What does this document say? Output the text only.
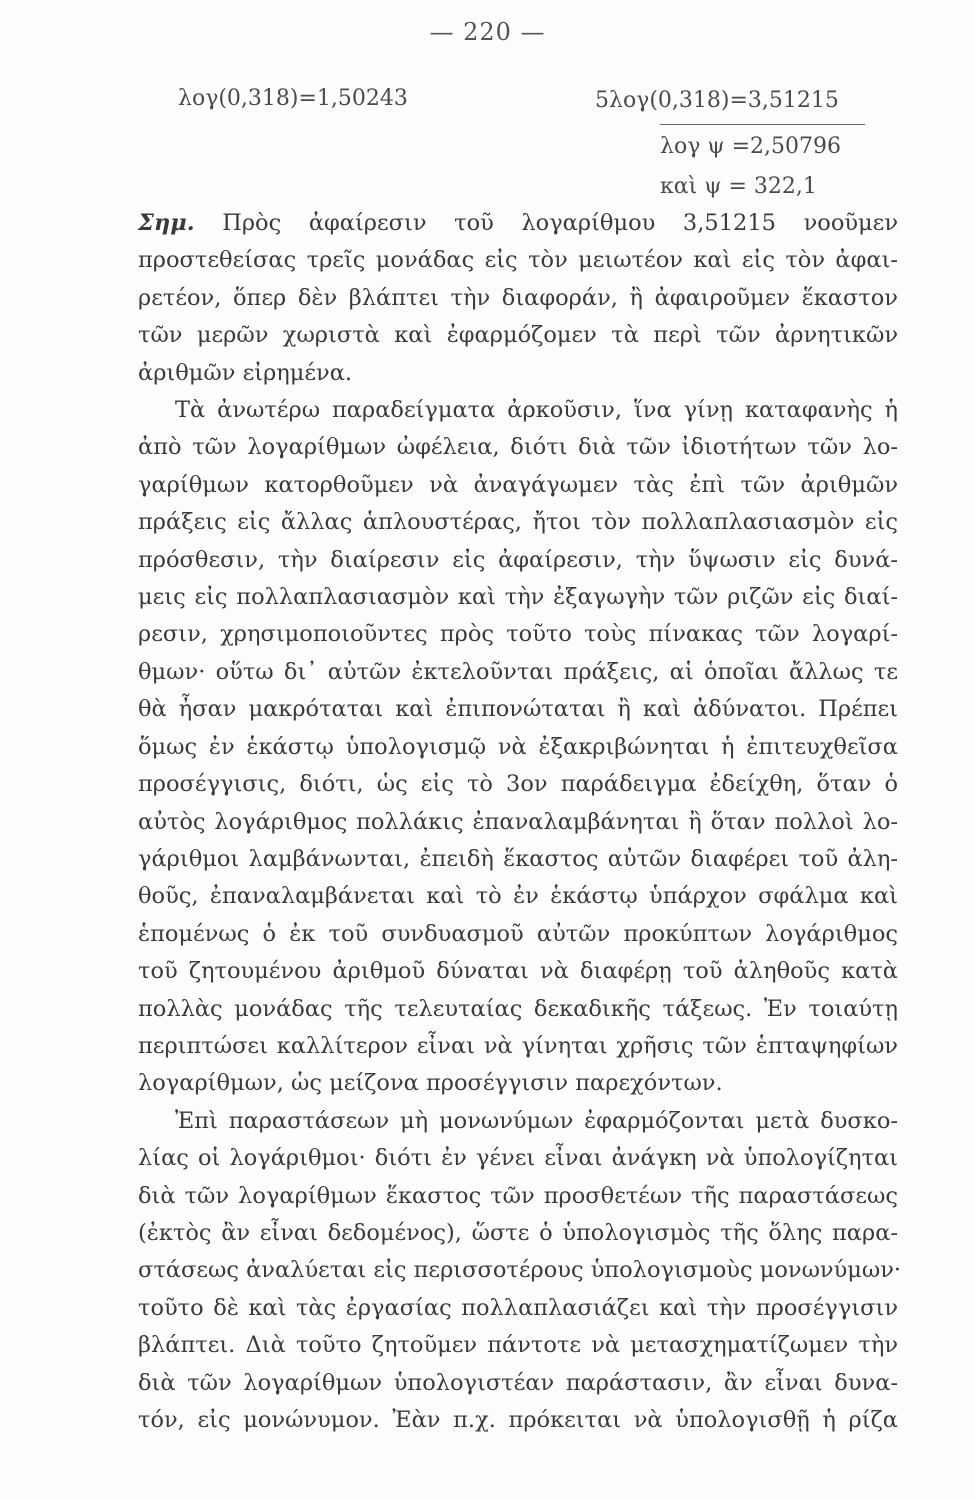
— 220 —
λογ(0,318)=1,50243	5λογ(0,318)=3,51215
λογ ψ =2,50796
καὶ ψ = 322,1
Σημ. Πρὸς ἀφαίρεσιν τοῦ λογαρίθμου 3,51215 νοοῦμεν
προστεθείσας τρεῖς μονάδας εἰς τὸν μειωτέον καὶ εἰς τὸν ἀφαι-
ρετέον, ὅπερ δὲν βλάπτει τὴν διαφοράν, ἢ ἀφαιροῦμεν ἕκαστον
τῶν μερῶν χωριστὰ καὶ ἐφαρμόζομεν τὰ περὶ τῶν ἀρνητικῶν
ἀριθμῶν εἰρημένα.
Τὰ ἀνωτέρω παραδείγματα ἀρκοῦσιν, ἵνα γίνῃ καταφανὴς ἡ
ἀπὸ τῶν λογαρίθμων ὠφέλεια, διότι διὰ τῶν ἰδιοτήτων τῶν λο-
γαρίθμων κατορθοῦμεν νὰ ἀναγάγωμεν τὰς ἐπὶ τῶν ἀριθμῶν
πράξεις εἰς ἄλλας ἁπλουστέρας, ἤτοι τὸν πολλαπλασιασμὸν εἰς
πρόσθεσιν, τὴν διαίρεσιν εἰς ἀφαίρεσιν, τὴν ὕψωσιν εἰς δυνά-
μεις εἰς πολλαπλασιασμὸν καὶ τὴν ἐξαγωγὴν τῶν ριζῶν εἰς διαί-
ρεσιν, χρησιμοποιοῦντες πρὸς τοῦτο τοὺς πίνακας τῶν λογαρί-
θμων· οὕτω δι᾿ αὐτῶν ἐκτελοῦνται πράξεις, αἱ ὁποῖαι ἄλλως τε
θὰ ἦσαν μακρόταται καὶ ἐπιπονώταται ἢ καὶ ἀδύνατοι. Πρέπει
ὅμως ἐν ἑκάστῳ ὑπολογισμῷ νὰ ἐξακριβώνηται ἡ ἐπιτευχθεῖσα
προσέγγισις, διότι, ὡς εἰς τὸ 3ον παράδειγμα ἐδείχθη, ὅταν ὁ
αὐτὸς λογάριθμος πολλάκις ἐπαναλαμβάνηται ἢ ὅταν πολλοὶ λο-
γάριθμοι λαμβάνωνται, ἐπειδὴ ἕκαστος αὐτῶν διαφέρει τοῦ ἀλη-
θοῦς, ἐπαναλαμβάνεται καὶ τὸ ἐν ἑκάστῳ ὑπάρχον σφάλμα καὶ
ἑπομένως ὁ ἐκ τοῦ συνδυασμοῦ αὐτῶν προκύπτων λογάριθμος
τοῦ ζητουμένου ἀριθμοῦ δύναται νὰ διαφέρῃ τοῦ ἀληθοῦς κατὰ
πολλὰς μονάδας τῆς τελευταίας δεκαδικῆς τάξεως. Ἐν τοιαύτῃ
περιπτώσει καλλίτερον εἶναι νὰ γίνηται χρῆσις τῶν ἑπταψηφίων
λογαρίθμων, ὡς μείζονα προσέγγισιν παρεχόντων.
Ἐπὶ παραστάσεων μὴ μονωνύμων ἐφαρμόζονται μετὰ δυσκο-
λίας οἱ λογάριθμοι· διότι ἐν γένει εἶναι ἀνάγκη νὰ ὑπολογίζηται
διὰ τῶν λογαρίθμων ἕκαστος τῶν προσθετέων τῆς παραστάσεως
(ἐκτὸς ἂν εἶναι δεδομένος), ὥστε ὁ ὑπολογισμὸς τῆς ὅλης παρα-
στάσεως ἀναλύεται εἰς περισσοτέρους ὑπολογισμοὺς μονωνύμων·
τοῦτο δὲ καὶ τὰς ἐργασίας πολλαπλασιάζει καὶ τὴν προσέγγισιν
βλάπτει. Διὰ τοῦτο ζητοῦμεν πάντοτε νὰ μετασχηματίζωμεν τὴν
διὰ τῶν λογαρίθμων ὑπολογιστέαν παράστασιν, ἂν εἶναι δυνα-
τόν, εἰς μονώνυμον. Ἐὰν π.χ. πρόκειται νὰ ὑπολογισθῇ ἡ ρίζα
